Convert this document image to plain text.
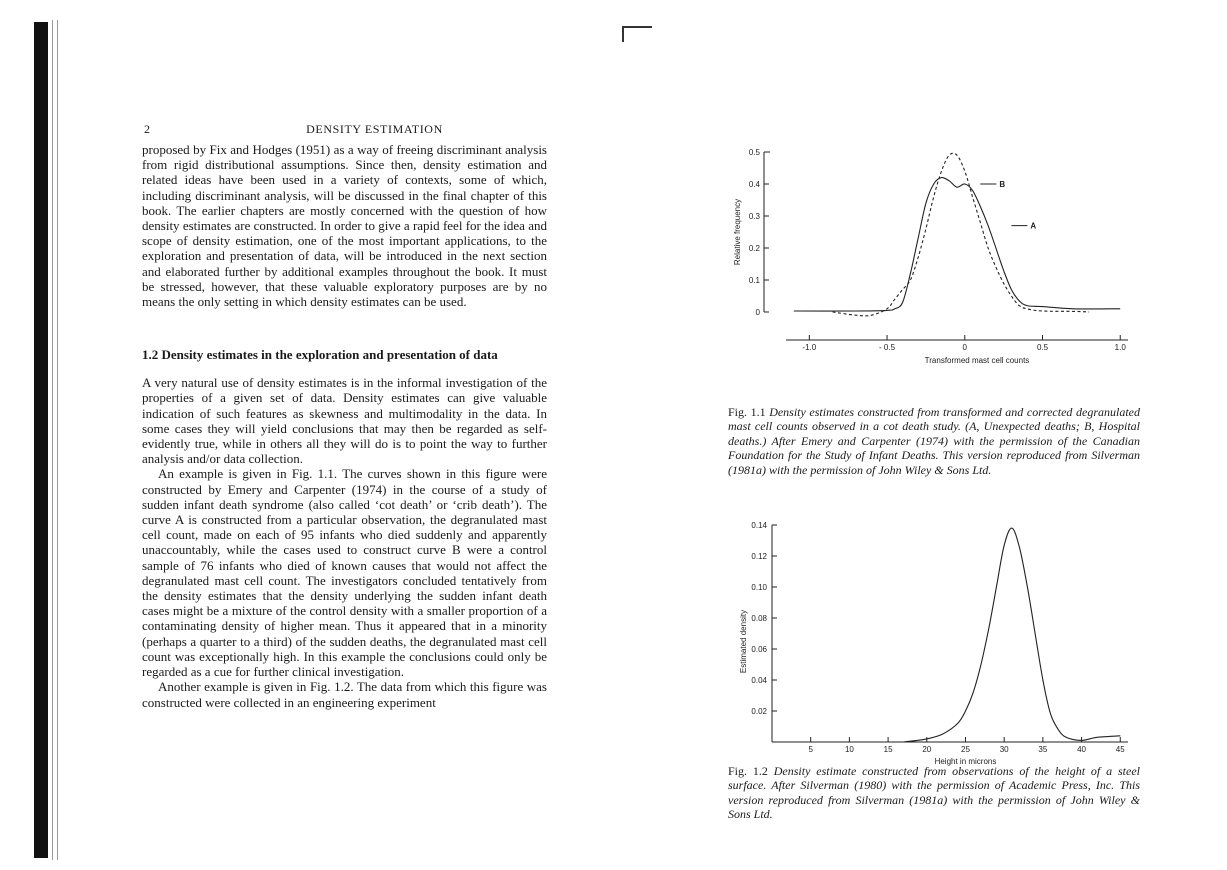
2	DENSITY ESTIMATION

proposed by Fix and Hodges (1951) as a way of freeing discriminant analysis from rigid distributional assumptions. Since then, density estimation and related ideas have been used in a variety of contexts, some of which, including discriminant analysis, will be discussed in the final chapter of this book. The earlier chapters are mostly concerned with the question of how density estimates are constructed. In order to give a rapid feel for the idea and scope of density estimation, one of the most important applications, to the exploration and presentation of data, will be introduced in the next section and elaborated further by additional examples throughout the book. It must be stressed, however, that these valuable exploratory purposes are by no means the only setting in which density estimates can be used.

1.2 Density estimates in the exploration and presentation of data

A very natural use of density estimates is in the informal investigation of the properties of a given set of data. Density estimates can give valuable indication of such features as skewness and multimodality in the data. In some cases they will yield conclusions that may then be regarded as self-evidently true, while in others all they will do is to point the way to further analysis and/or data collection.

An example is given in Fig. 1.1. The curves shown in this figure were constructed by Emery and Carpenter (1974) in the course of a study of sudden infant death syndrome (also called ‘cot death’ or ‘crib death’). The curve A is constructed from a particular observation, the degranulated mast cell count, made on each of 95 infants who died suddenly and apparently unaccountably, while the cases used to construct curve B were a control sample of 76 infants who died of known causes that would not affect the degranulated mast cell count. The investigators concluded tentatively from the density estimates that the density underlying the sudden infant death cases might be a mixture of the control density with a smaller proportion of a contaminating density of higher mean. Thus it appeared that in a minority (perhaps a quarter to a third) of the sudden deaths, the degranulated mast cell count was exceptionally high. In this example the conclusions could only be regarded as a cue for further clinical investigation.

Another example is given in Fig. 1.2. The data from which this figure was constructed were collected in an engineering experiment

0
0.1
0.2
0.3
0.4
0.5
Relative frequency
-1.0	- 0.5	0	0.5	1.0
Transformed mast cell counts
A
B

Fig. 1.1 Density estimates constructed from transformed and corrected degranulated mast cell counts observed in a cot death study. (A, Unexpected deaths; B, Hospital deaths.) After Emery and Carpenter (1974) with the permission of the Canadian Foundation for the Study of Infant Deaths. This version reproduced from Silverman (1981a) with the permission of John Wiley & Sons Ltd.

0.02
0.04
0.06
0.08
0.10
0.12
0.14
Estimated density
5	10	15	20	25	30	35	40	45
Height in microns

Fig. 1.2 Density estimate constructed from observations of the height of a steel surface. After Silverman (1980) with the permission of Academic Press, Inc. This version reproduced from Silverman (1981a) with the permission of John Wiley & Sons Ltd.
